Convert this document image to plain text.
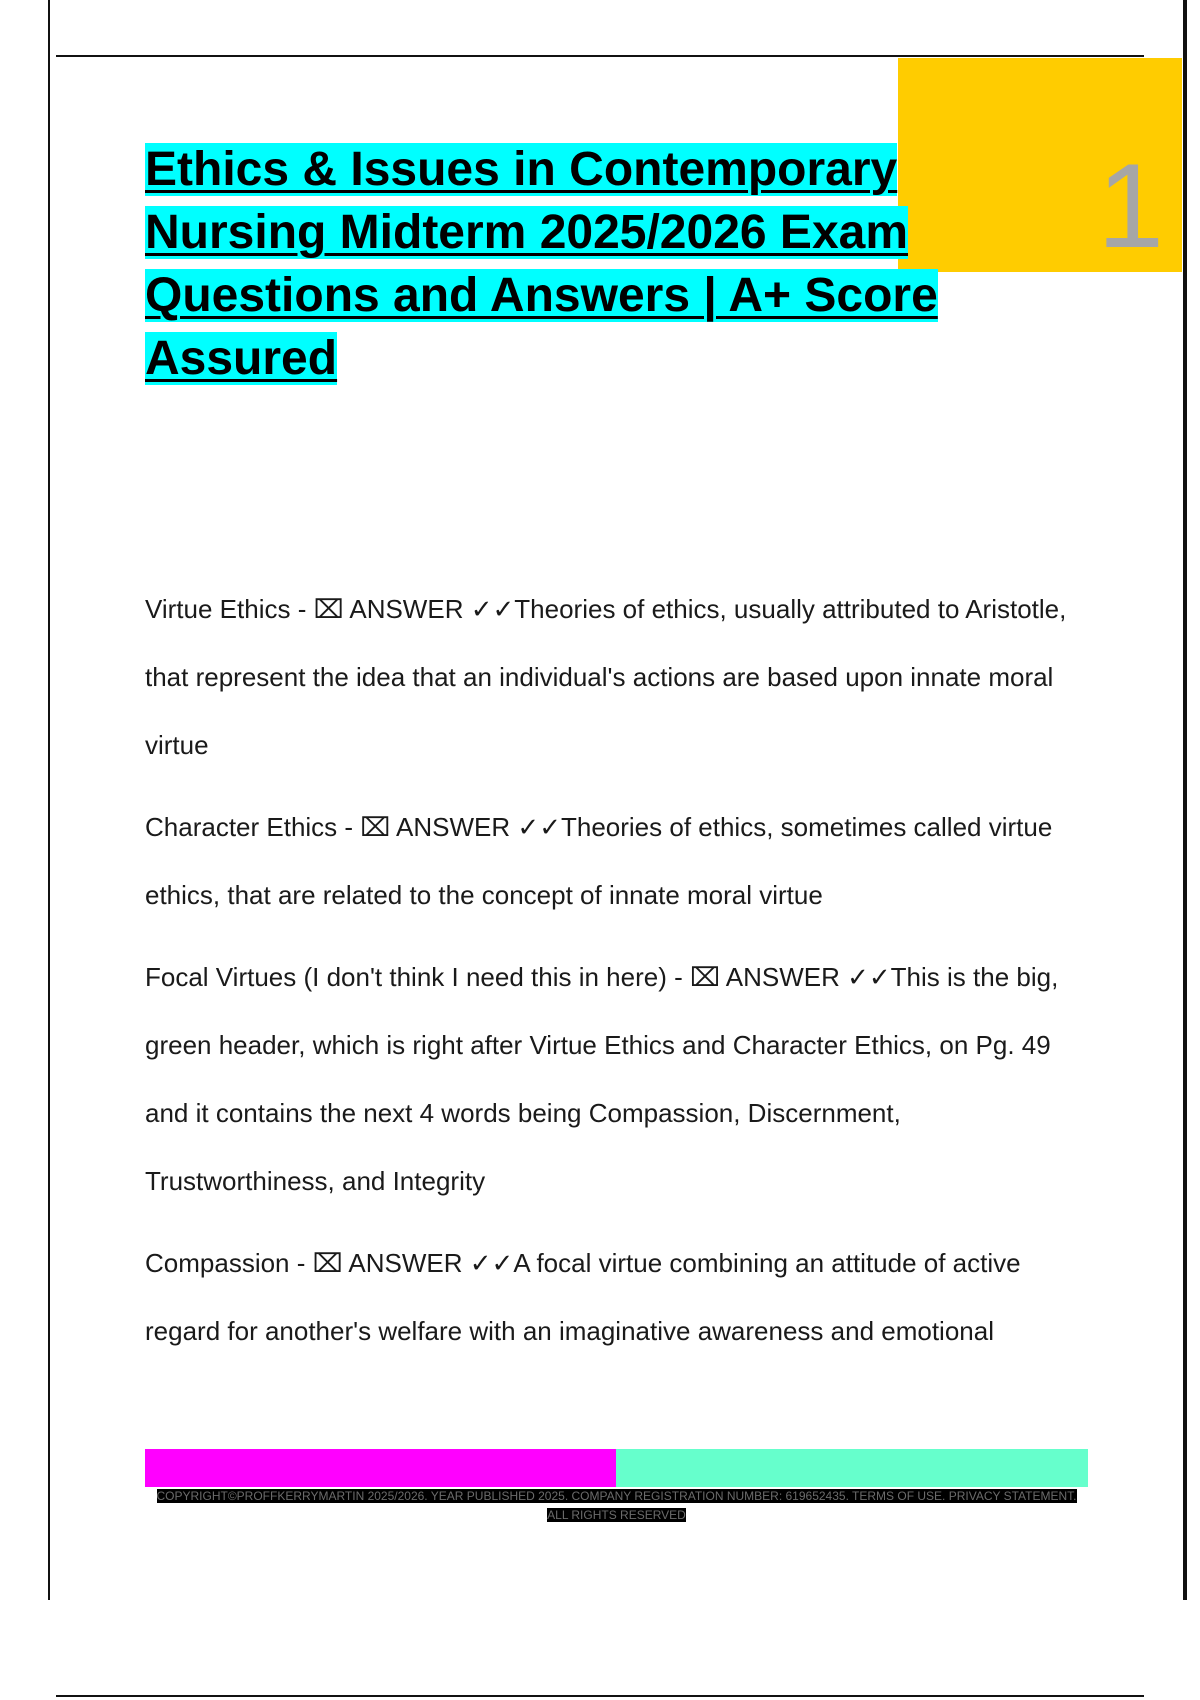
1
Ethics & Issues in Contemporary Nursing Midterm 2025/2026 Exam Questions and Answers | A+ Score Assured

Virtue Ethics - ⌧ ANSWER ✓✓Theories of ethics, usually attributed to Aristotle, that represent the idea that an individual's actions are based upon innate moral virtue

Character Ethics - ⌧ ANSWER ✓✓Theories of ethics, sometimes called virtue ethics, that are related to the concept of innate moral virtue

Focal Virtues (I don't think I need this in here) - ⌧ ANSWER ✓✓This is the big, green header, which is right after Virtue Ethics and Character Ethics, on Pg. 49 and it contains the next 4 words being Compassion, Discernment, Trustworthiness, and Integrity

Compassion - ⌧ ANSWER ✓✓A focal virtue combining an attitude of active regard for another's welfare with an imaginative awareness and emotional

COPYRIGHT©PROFFKERRYMARTIN 2025/2026. YEAR PUBLISHED 2025. COMPANY REGISTRATION NUMBER: 619652435. TERMS OF USE. PRIVACY STATEMENT. ALL RIGHTS RESERVED
